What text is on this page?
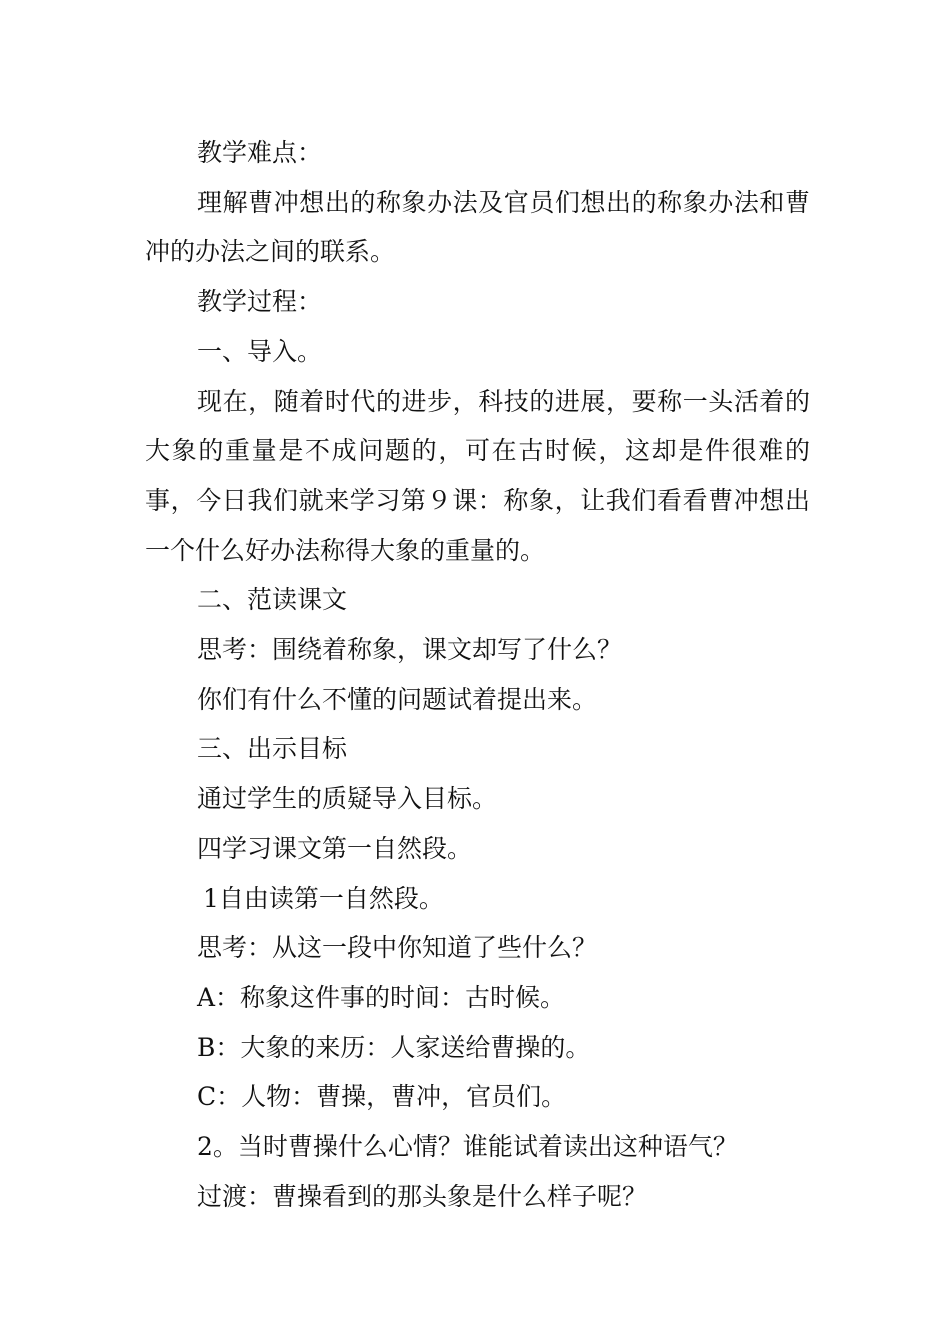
教学难点：

理解曹冲想出的称象办法及官员们想出的称象办法和曹冲的办法之间的联系。

教学过程：

一、导入。

现在，随着时代的进步，科技的进展，要称一头活着的大象的重量是不成问题的，可在古时候，这却是件很难的事，今日我们就来学习第９课：称象，让我们看看曹冲想出一个什么好办法称得大象的重量的。

二、范读课文

思考：围绕着称象，课文却写了什么？

你们有什么不懂的问题试着提出来。

三、出示目标

通过学生的质疑导入目标。

四学习课文第一自然段。

1自由读第一自然段。

思考：从这一段中你知道了些什么？

A：称象这件事的时间：古时候。

B：大象的来历：人家送给曹操的。

C：人物：曹操，曹冲，官员们。

2。当时曹操什么心情？谁能试着读出这种语气？

过渡：曹操看到的那头象是什么样子呢？
